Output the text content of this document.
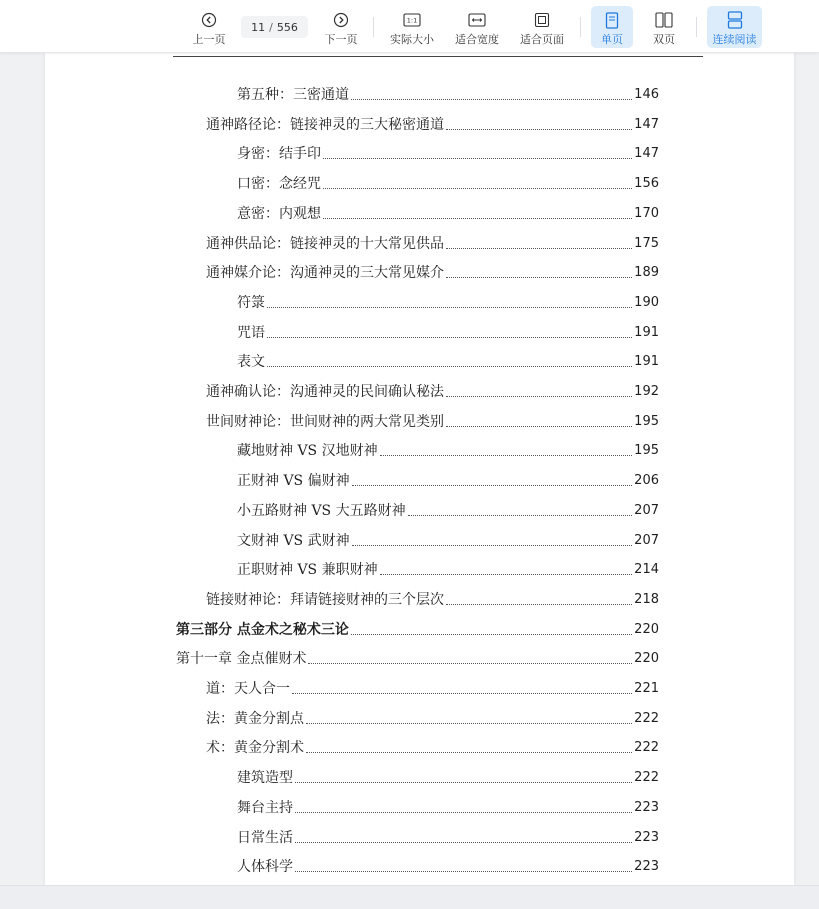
上一页
11 / 556
下一页
1:1
实际大小 适合宽度 适合页面	单页	双页	连续阅读
第五种：三密通道	146
通神路径论：链接神灵的三大秘密通道	147
身密：结手印	147
口密：念经咒	156
意密：内观想	170
通神供品论：链接神灵的十大常见供品	175
通神媒介论：沟通神灵的三大常见媒介	189
符箓	190
咒语	191
表文	191
通神确认论：沟通神灵的民间确认秘法	192
世间财神论：世间财神的两大常见类别	195
藏地财神 VS 汉地财神	195
正财神 VS 偏财神	206
小五路财神 VS 大五路财神	207
文财神 VS 武财神	207
正职财神 VS 兼职财神	214
链接财神论：拜请链接财神的三个层次	218
第三部分 点金术之秘术三论	220
第十一章 金点催财术	220
道：天人合一	221
法：黄金分割点	222
术：黄金分割术	222
建筑造型	222
舞台主持	223
日常生活	223
人体科学	223
